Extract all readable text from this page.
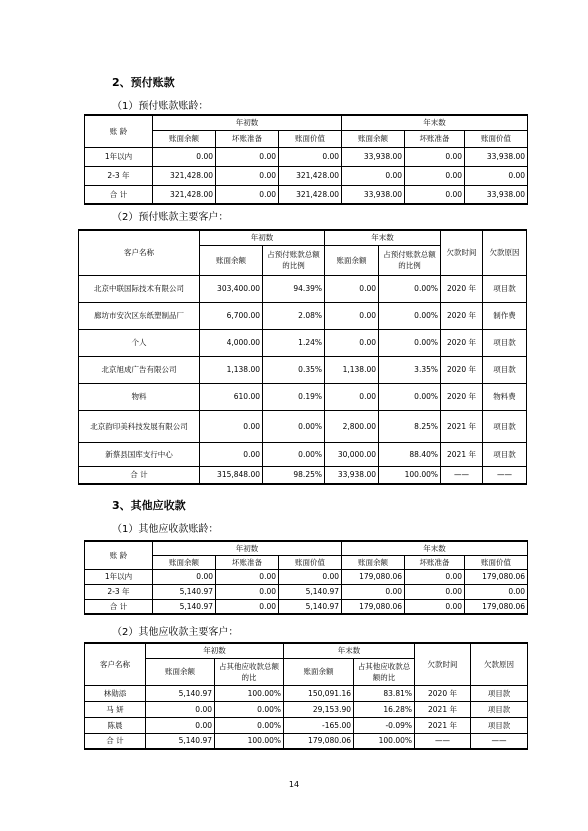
2、预付账款
（1）预付账款账龄：
账 龄	年初数			年末数		
	账面余额	坏账准备	账面价值	账面余额	坏账准备	账面价值
1年以内	0.00	0.00	0.00	33,938.00	0.00	33,938.00
2-3 年	321,428.00	0.00	321,428.00	0.00	0.00	0.00
合 计	321,428.00	0.00	321,428.00	33,938.00	0.00	33,938.00
（2）预付账款主要客户：
客户名称	年初数		年末数		欠款时间	欠款原因
	账面余额	占预付账款总额的比例	账面余额	占预付账款总额的比例		
北京中联国际技术有限公司	303,400.00	94.39%	0.00	0.00%	2020 年	项目款
廊坊市安次区东纸塑制品厂	6,700.00	2.08%	0.00	0.00%	2020 年	制作费
个人	4,000.00	1.24%	0.00	0.00%	2020 年	项目款
北京旭成广告有限公司	1,138.00	0.35%	1,138.00	3.35%	2020 年	项目款
物料	610.00	0.19%	0.00	0.00%	2020 年	物料费
北京韵印美科技发展有限公司	0.00	0.00%	2,800.00	8.25%	2021 年	项目款
新蔡县国库支行中心	0.00	0.00%	30,000.00	88.40%	2021 年	项目款
合 计	315,848.00	98.25%	33,938.00	100.00%	——	——
3、其他应收款
（1）其他应收款账龄：
账 龄	年初数			年末数		
	账面余额	坏账准备	账面价值	账面余额	坏账准备	账面价值
1年以内	0.00	0.00	0.00	179,080.06	0.00	179,080.06
2-3 年	5,140.97	0.00	5,140.97	0.00	0.00	0.00
合 计	5,140.97	0.00	5,140.97	179,080.06	0.00	179,080.06
（2）其他应收款主要客户：
客户名称	年初数		年末数		欠款时间	欠款原因
	账面余额	占其他应收款总额的比	账面余额	占其他应收款总额的比		
林勋添	5,140.97	100.00%	150,091.16	83.81%	2020 年	项目款
马 妍	0.00	0.00%	29,153.90	16.28%	2021 年	项目款
陈晨	0.00	0.00%	-165.00	-0.09%	2021 年	项目款
合 计	5,140.97	100.00%	179,080.06	100.00%	——	——
14
